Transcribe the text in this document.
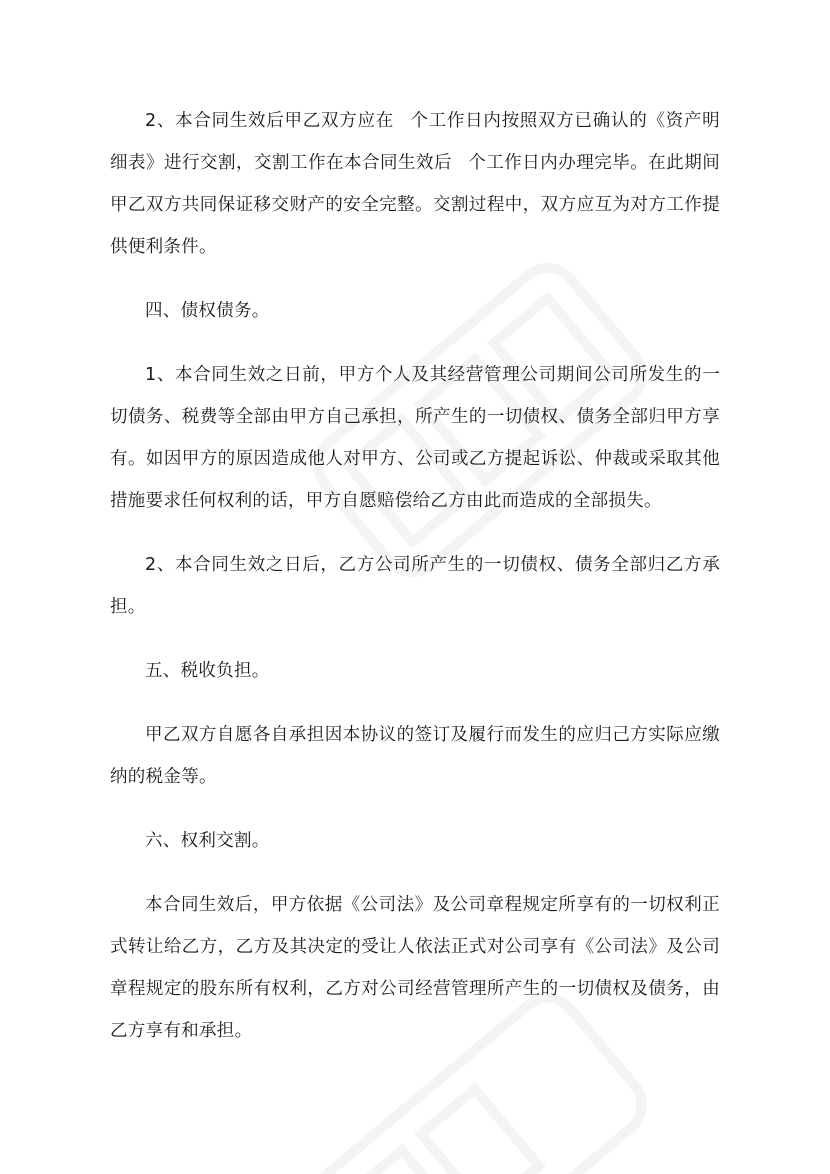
2、本合同生效后甲乙双方应在 个工作日内按照双方已确认的《资产明细表》进行交割，交割工作在本合同生效后 个工作日内办理完毕。在此期间甲乙双方共同保证移交财产的安全完整。交割过程中，双方应互为对方工作提供便利条件。

四、债权债务。

1、本合同生效之日前，甲方个人及其经营管理公司期间公司所发生的一切债务、税费等全部由甲方自己承担，所产生的一切债权、债务全部归甲方享有。如因甲方的原因造成他人对甲方、公司或乙方提起诉讼、仲裁或采取其他措施要求任何权利的话，甲方自愿赔偿给乙方由此而造成的全部损失。

2、本合同生效之日后，乙方公司所产生的一切债权、债务全部归乙方承担。

五、税收负担。

甲乙双方自愿各自承担因本协议的签订及履行而发生的应归己方实际应缴纳的税金等。

六、权利交割。

本合同生效后，甲方依据《公司法》及公司章程规定所享有的一切权利正式转让给乙方，乙方及其决定的受让人依法正式对公司享有《公司法》及公司章程规定的股东所有权利，乙方对公司经营管理所产生的一切债权及债务，由乙方享有和承担。
